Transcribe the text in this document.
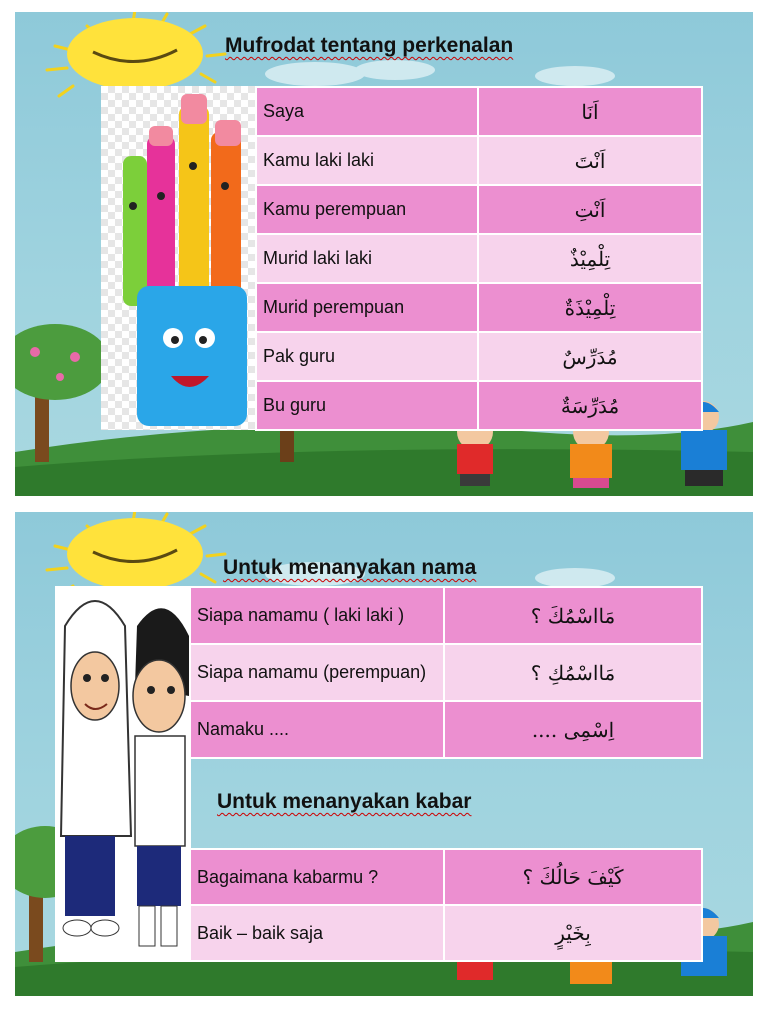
Mufrodat tentang perkenalan
Saya	اَنَا
Kamu laki laki	اَنْتَ
Kamu perempuan	اَنْتِ
Murid laki laki	تِلْمِيْذٌ
Murid perempuan	تِلْمِيْذَةٌ
Pak guru	مُدَرِّسٌ
Bu guru	مُدَرِّسَةٌ
Untuk menanyakan nama
Siapa namamu ( laki laki )	مَااسْمُكَ ؟
Siapa namamu (perempuan)	مَااسْمُكِ ؟
Namaku ....	اِسْمِى ....
Untuk menanyakan kabar
Bagaimana kabarmu ?	كَيْفَ حَالُكَ ؟
Baik – baik saja	بِخَيْرٍ
